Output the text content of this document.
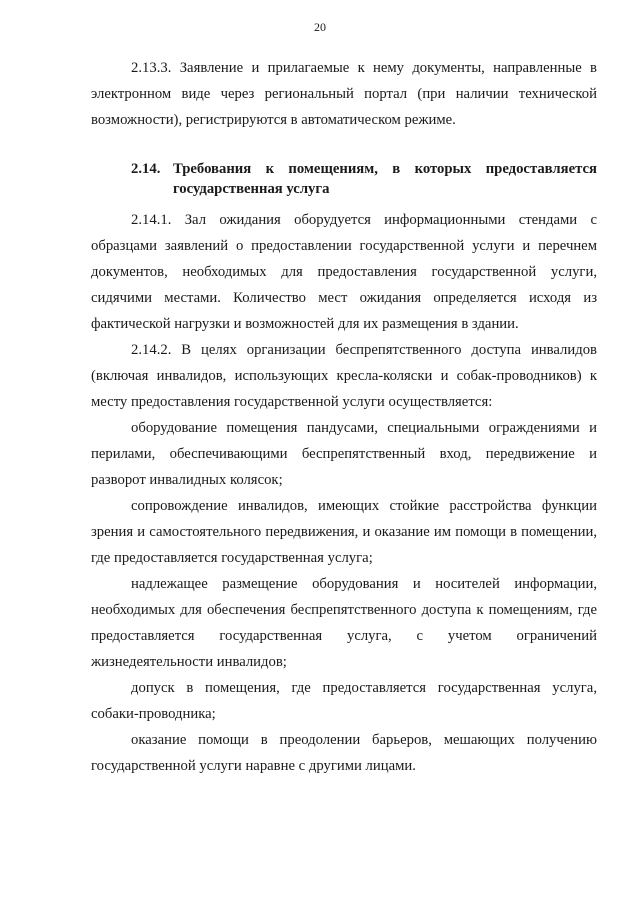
20

2.13.3. Заявление и прилагаемые к нему документы, направленные в электронном виде через региональный портал (при наличии технической возможности), регистрируются в автоматическом режиме.

2.14. Требования к помещениям, в которых предоставляется государственная услуга

2.14.1. Зал ожидания оборудуется информационными стендами с образцами заявлений о предоставлении государственной услуги и перечнем документов, необходимых для предоставления государственной услуги, сидячими местами. Количество мест ожидания определяется исходя из фактической нагрузки и возможностей для их размещения в здании.

2.14.2. В целях организации беспрепятственного доступа инвалидов (включая инвалидов, использующих кресла-коляски и собак-проводников) к месту предоставления государственной услуги осуществляется:

оборудование помещения пандусами, специальными ограждениями и перилами, обеспечивающими беспрепятственный вход, передвижение и разворот инвалидных колясок;

сопровождение инвалидов, имеющих стойкие расстройства функции зрения и самостоятельного передвижения, и оказание им помощи в помещении, где предоставляется государственная услуга;

надлежащее размещение оборудования и носителей информации, необходимых для обеспечения беспрепятственного доступа к помещениям, где предоставляется государственная услуга, с учетом ограничений жизнедеятельности инвалидов;

допуск в помещения, где предоставляется государственная услуга, собаки-проводника;

оказание помощи в преодолении барьеров, мешающих получению государственной услуги наравне с другими лицами.
